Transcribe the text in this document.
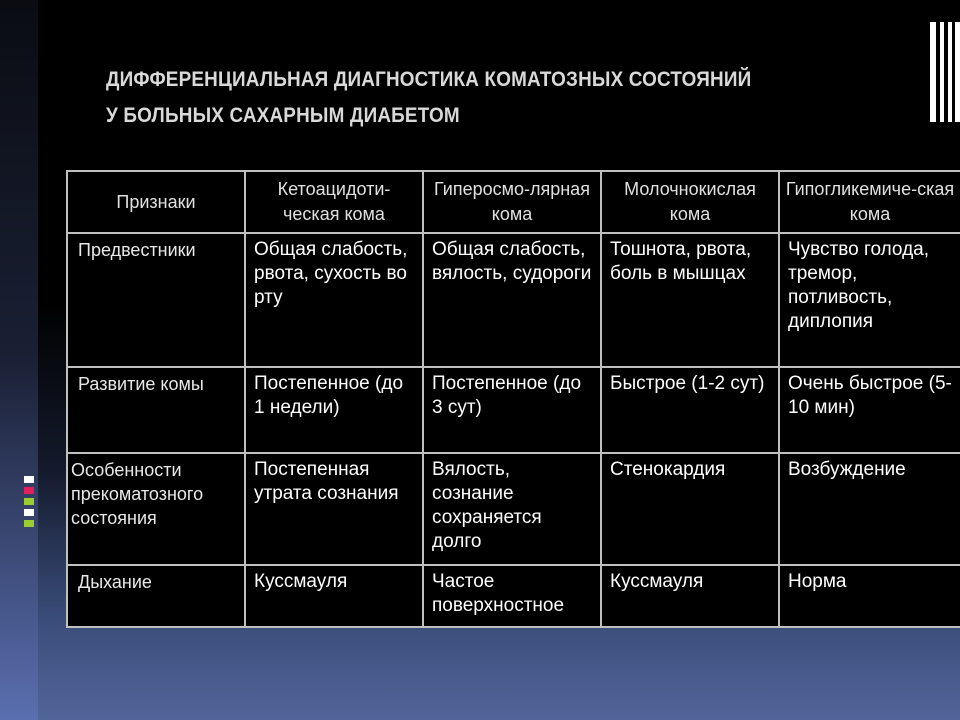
ДИФФЕРЕНЦИАЛЬНАЯ ДИАГНОСТИКА КОМАТОЗНЫХ СОСТОЯНИЙ
У БОЛЬНЫХ САХАРНЫМ ДИАБЕТОМ
Признаки	Кетоацидоти-ческая кома	Гиперосмо-лярная кома	Молочнокислая кома	Гипогликемиче-ская кома
Предвестники	Общая слабость, рвота, сухость во рту	Общая слабость, вялость, судороги	Тошнота, рвота, боль в мышцах	Чувство голода, тремор, потливость, диплопия
Развитие комы	Постепенное (до 1 недели)	Постепенное (до 3 сут)	Быстрое (1-2 сут)	Очень быстрое (5-10 мин)
Особенности прекоматозного состояния	Постепенная утрата сознания	Вялость, сознание сохраняется долго	Стенокардия	Возбуждение
Дыхание	Куссмауля	Частое поверхностное	Куссмауля	Норма
